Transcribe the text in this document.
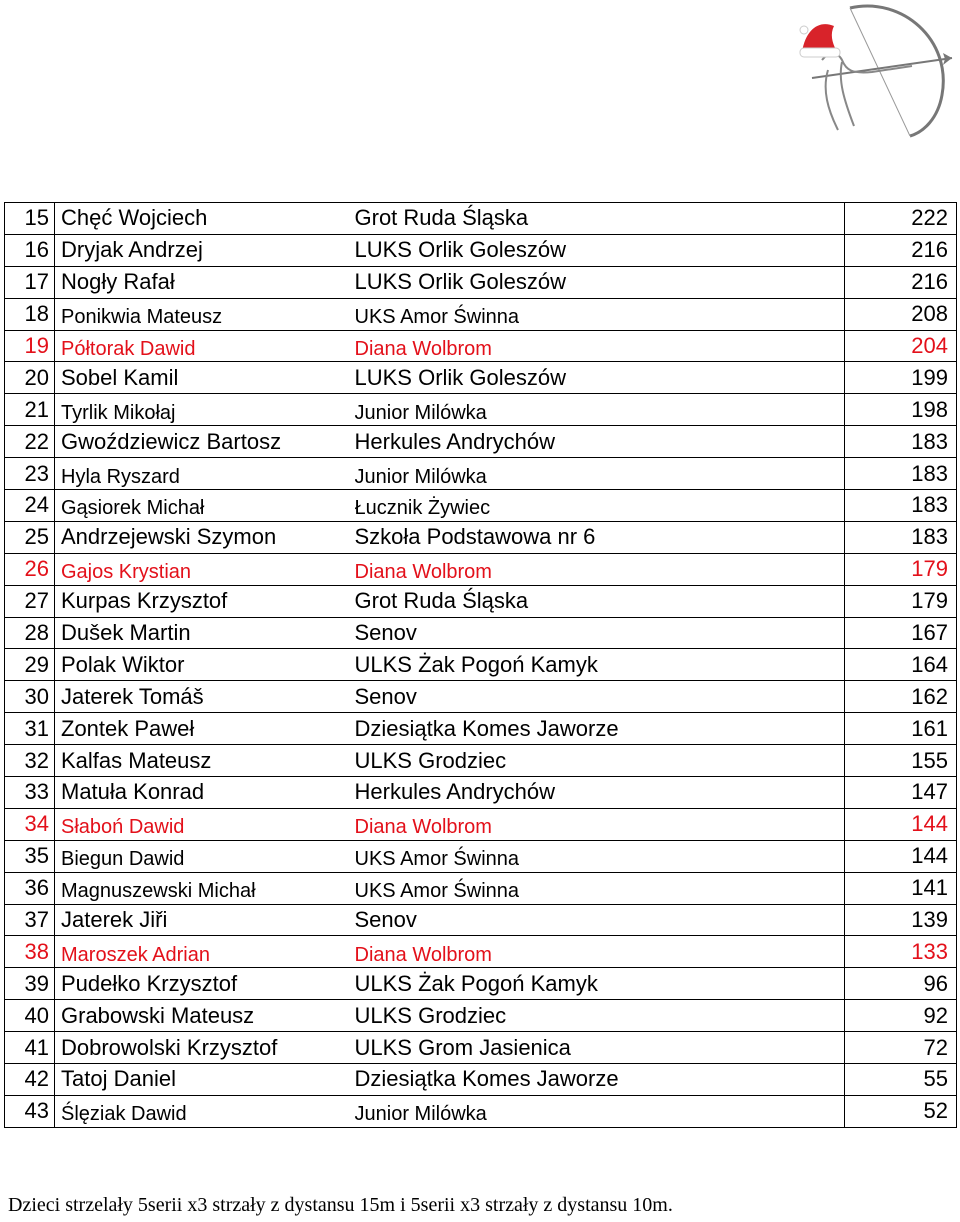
15	Chęć Wojciech	Grot Ruda Śląska	222
16	Dryjak Andrzej	LUKS Orlik Goleszów	216
17	Nogły Rafał	LUKS Orlik Goleszów	216
18	Ponikwia Mateusz	UKS Amor Świnna	208
19	Półtorak Dawid	Diana Wolbrom	204
20	Sobel Kamil	LUKS Orlik Goleszów	199
21	Tyrlik Mikołaj	Junior Milówka	198
22	Gwoździewicz Bartosz	Herkules Andrychów	183
23	Hyla Ryszard	Junior Milówka	183
24	Gąsiorek Michał	Łucznik Żywiec	183
25	Andrzejewski Szymon	Szkoła Podstawowa nr 6	183
26	Gajos Krystian	Diana Wolbrom	179
27	Kurpas Krzysztof	Grot Ruda Śląska	179
28	Dušek Martin	Senov	167
29	Polak Wiktor	ULKS Żak Pogoń Kamyk	164
30	Jaterek Tomáš	Senov	162
31	Zontek Paweł	Dziesiątka Komes Jaworze	161
32	Kalfas Mateusz	ULKS Grodziec	155
33	Matuła Konrad	Herkules Andrychów	147
34	Słaboń Dawid	Diana Wolbrom	144
35	Biegun Dawid	UKS Amor Świnna	144
36	Magnuszewski Michał	UKS Amor Świnna	141
37	Jaterek Jiři	Senov	139
38	Maroszek Adrian	Diana Wolbrom	133
39	Pudełko Krzysztof	ULKS Żak Pogoń Kamyk	96
40	Grabowski Mateusz	ULKS Grodziec	92
41	Dobrowolski Krzysztof	ULKS Grom Jasienica	72
42	Tatoj Daniel	Dziesiątka Komes Jaworze	55
43	Ślęziak Dawid	Junior Milówka	52
Dzieci strzelały 5serii x3 strzały z dystansu 15m i 5serii x3 strzały z dystansu 10m.
